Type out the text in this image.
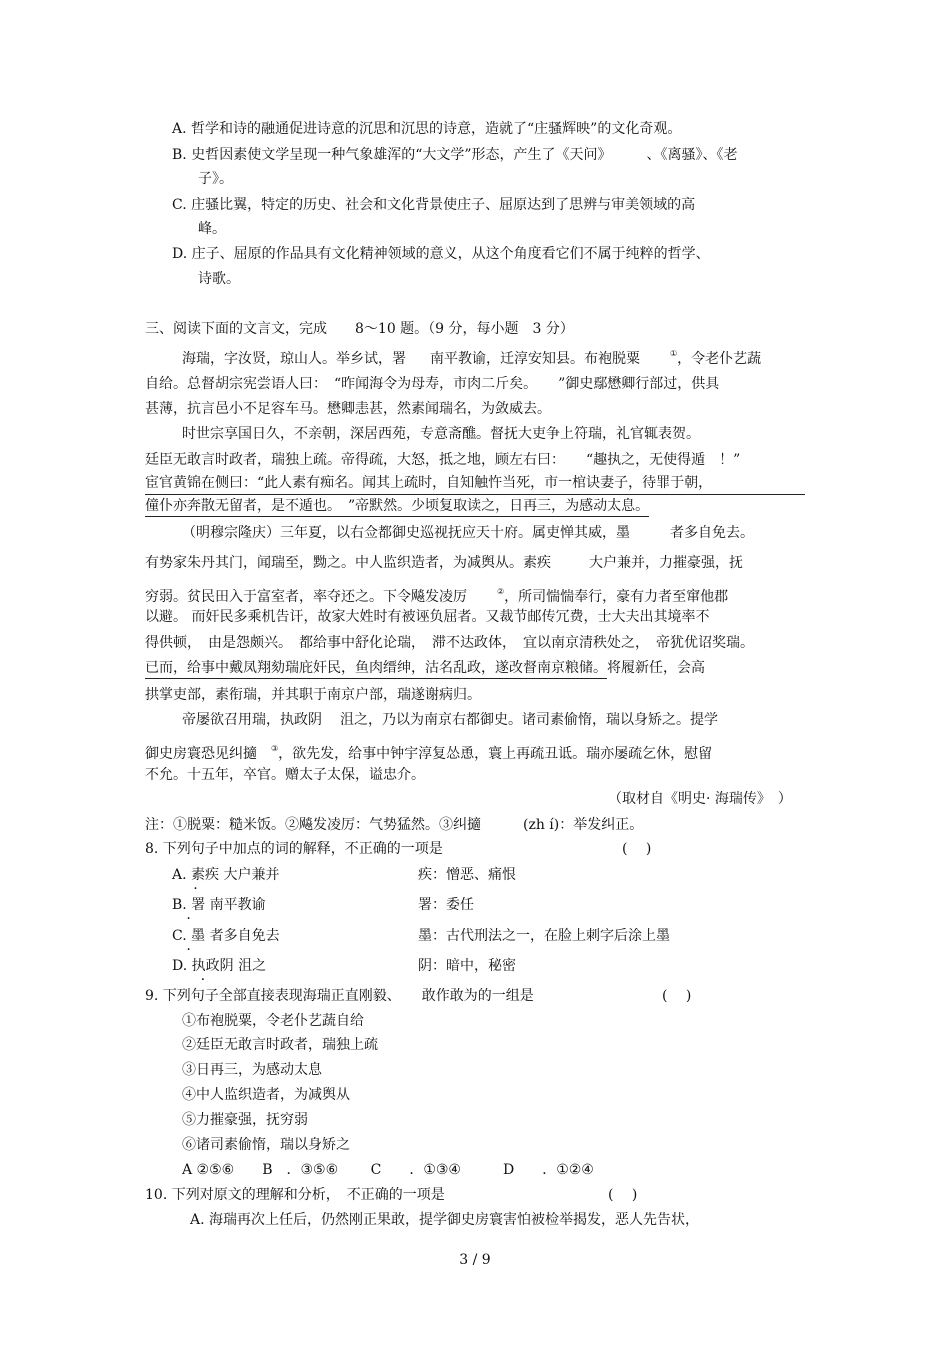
A. 哲学和诗的融通促进诗意的沉思和沉思的诗意，造就了“庄骚辉映”的文化奇观。
B. 史哲因素使文学呈现一种气象雄浑的“大文学”形态，产生了《天问》　　　、《离骚》、《老
子》。
C. 庄骚比翼，特定的历史、社会和文化背景使庄子、屈原达到了思辨与审美领域的高
峰。
D. 庄子、屈原的作品具有文化精神领域的意义，从这个角度看它们不属于纯粹的哲学、
诗歌。
三、阅读下面的文言文，完成　　8～10 题。（9 分，每小题　3 分）
海瑞，字汝贤，琼山人。举乡试，署 南平教谕，迁淳安知县。布袍脱粟	①，令老仆艺蔬
自给。总督胡宗宪尝语人曰：　“昨闻海令为母寿，市肉二斤矣。　　”御史鄢懋卿行部过，供具
甚薄，抗言邑小不足容车马。懋卿恚甚，然素闻瑞名，为敛威去。
时世宗享国日久，不亲朝，深居西苑，专意斋醮。督抚大吏争上符瑞，礼官辄表贺。
廷臣无敢言时政者，瑞独上疏。帝得疏，大怒，抵之地，顾左右曰：　　“趣执之，无使得遁　！”
宦官黄锦在侧曰：“此人素有痴名。闻其上疏时，自知触忤当死，市一棺诀妻子，待罪于朝，
僮仆亦奔散无留者，是不遁也。　”帝默然。少顷复取读之，日再三，为感动太息。
（明穆宗隆庆）三年夏，以右佥都御史巡视抚应天十府。属吏惮其威，墨	者多自免去。
有势家朱丹其门，闻瑞至，黝之。中人监织造者，为减舆从。素疾	大户兼并，力摧豪强，抚
穷弱。贫民田入于富室者，率夺还之。下令飚发凌厉	②，所司惴惴奉行，豪有力者至窜他郡
以避。 而奸民多乘机告讦，故家大姓时有被诬负屈者。又裁节邮传冗费，士大夫出其境率不
得供顿，　由是怨颇兴。　都给事中舒化论瑞，　滞不达政体，　宜以南京清秩处之，　帝犹优诏奖瑞。
已而，给事中戴凤翔劾瑞庇奸民，鱼肉缙绅，沽名乱政，遂改督南京粮储。将履新任，会高
拱掌吏部，素衔瑞，并其职于南京户部，瑞遂谢病归。
帝屡欲召用瑞，执政阴 沮之，乃以为南京右都御史。诸司素偷惰，瑞以身矫之。提学
御史房寰恐见纠擿 ③，欲先发，给事中钟宇淳复怂恿，寰上再疏丑诋。瑞亦屡疏乞休，慰留
不允。十五年，卒官。赠太子太保，谥忠介。
（取材自《明史· 海瑞传》　）
注：①脱粟：糙米饭。②飚发凌厉：气势猛然。③纠擿　　　(zh í)：举发纠正。
8. 下列句子中加点的词的解释，不正确的一项是	(　 )
A. 素疾 . 大户兼并	疾：憎恶、痛恨
B. 署 . 南平教谕	署：委任
C. 墨 . 者多自免去	墨：古代刑法之一，在脸上刺字后涂上墨
D. 执政阴 . 沮之	阴：暗中，秘密
9. 下列句子全部直接表现海瑞正直刚毅、　　敢作敢为的一组是	(　 )
①布袍脱粟，令老仆艺蔬自给
②廷臣无敢言时政者，瑞独上疏
③日再三，为感动太息
④中人监织造者，为减舆从
⑤力摧豪强，抚穷弱
⑥诸司素偷惰，瑞以身矫之
A ②⑤⑥　　B　．③⑤⑥　　 C　　．①③④　　　D　　．①②④
10. 下列对原文的理解和分析，　不正确的一项是	(　 )
A. 海瑞再次上任后，仍然刚正果敢，提学御史房寰害怕被检举揭发，恶人先告状，
3 / 9
